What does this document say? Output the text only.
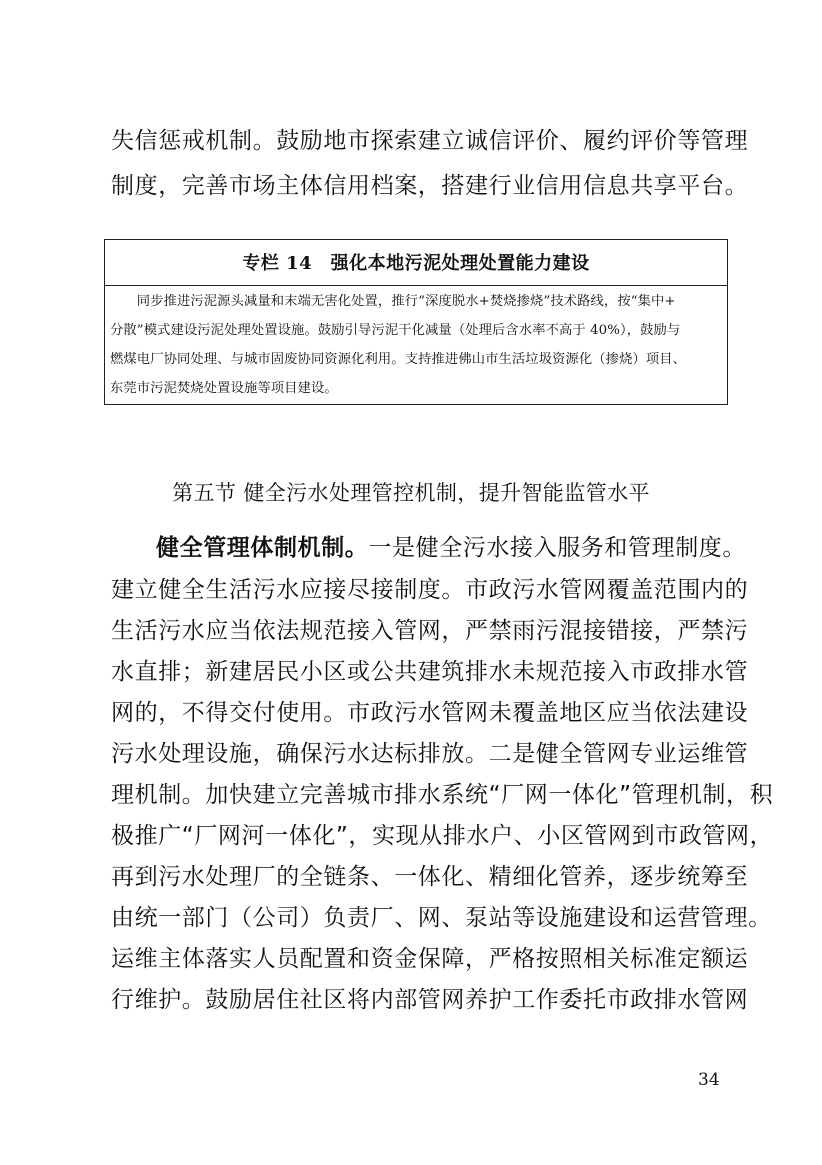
失信惩戒机制。鼓励地市探索建立诚信评价、履约评价等管理
制度，完善市场主体信用档案，搭建行业信用信息共享平台。
专栏 14　强化本地污泥处理处置能力建设
　　同步推进污泥源头减量和末端无害化处置，推行“深度脱水+焚烧掺烧”技术路线，按“集中+
分散”模式建设污泥处理处置设施。鼓励引导污泥干化减量（处理后含水率不高于 40%），鼓励与
燃煤电厂协同处理、与城市固废协同资源化利用。支持推进佛山市生活垃圾资源化（掺烧）项目、
东莞市污泥焚烧处置设施等项目建设。
第五节 健全污水处理管控机制，提升智能监管水平
健全管理体制机制。一是健全污水接入服务和管理制度。
建立健全生活污水应接尽接制度。市政污水管网覆盖范围内的
生活污水应当依法规范接入管网，严禁雨污混接错接，严禁污
水直排；新建居民小区或公共建筑排水未规范接入市政排水管
网的，不得交付使用。市政污水管网未覆盖地区应当依法建设
污水处理设施，确保污水达标排放。二是健全管网专业运维管
理机制。加快建立完善城市排水系统“厂网一体化”管理机制，积
极推广“厂网河一体化”，实现从排水户、小区管网到市政管网，
再到污水处理厂的全链条、一体化、精细化管养，逐步统筹至
由统一部门（公司）负责厂、网、泵站等设施建设和运营管理。
运维主体落实人员配置和资金保障，严格按照相关标准定额运
行维护。鼓励居住社区将内部管网养护工作委托市政排水管网
34
